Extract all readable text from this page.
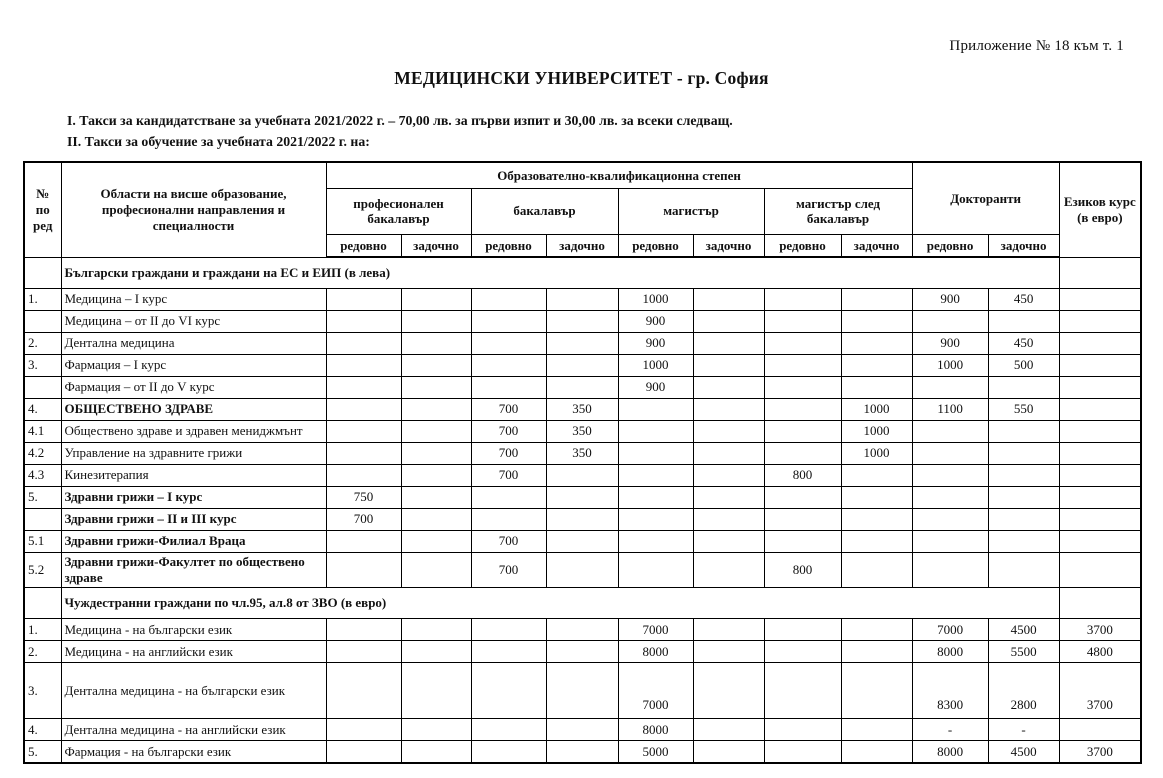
Приложение № 18 към т. 1
МЕДИЦИНСКИ УНИВЕРСИТЕТ - гр. София
I. Такси за кандидатстване за учебната 2021/2022 г. – 70,00 лв. за първи изпит и 30,00 лв. за всеки следващ.
II. Такси за обучение за учебната 2021/2022 г. на:
№ по ред	Области на висше образование, професионални направления и специалности	Образователно-квалификационна степен								Докторанти		Езиков курс (в евро)
		професионален бакалавър		бакалавър		магистър		магистър след бакалавър				
		редовно	задочно	редовно	задочно	редовно	задочно	редовно	задочно	редовно	задочно	
	Български граждани и граждани на ЕС и ЕИП (в лева)											
1.	Медицина – I курс					1000				900	450	
	Медицина – от II до VI курс					900						
2.	Дентална медицина					900				900	450	
3.	Фармация – I курс					1000				1000	500	
	Фармация – от II до V курс					900						
4.	ОБЩЕСТВЕНО ЗДРАВЕ			700	350				1000	1100	550	
4.1	Обществено здраве и здравен мениджмънт			700	350				1000			
4.2	Управление на здравните грижи			700	350				1000			
4.3	Кинезитерапия			700				800				
5.	Здравни грижи – I курс	750										
	Здравни грижи – II и III курс	700										
5.1	Здравни грижи-Филиал Враца			700								
5.2	Здравни грижи-Факултет по обществено здраве			700				800				
	Чуждестранни граждани по чл.95, ал.8 от ЗВО (в евро)											
1.	Медицина - на български език					7000				7000	4500	3700
2.	Медицина - на английски език					8000				8000	5500	4800
3.	Дентална медицина - на български език					7000				8300	2800	3700
4.	Дентална медицина - на английски език					8000				-	-	
5.	Фармация - на български език					5000				8000	4500	3700
